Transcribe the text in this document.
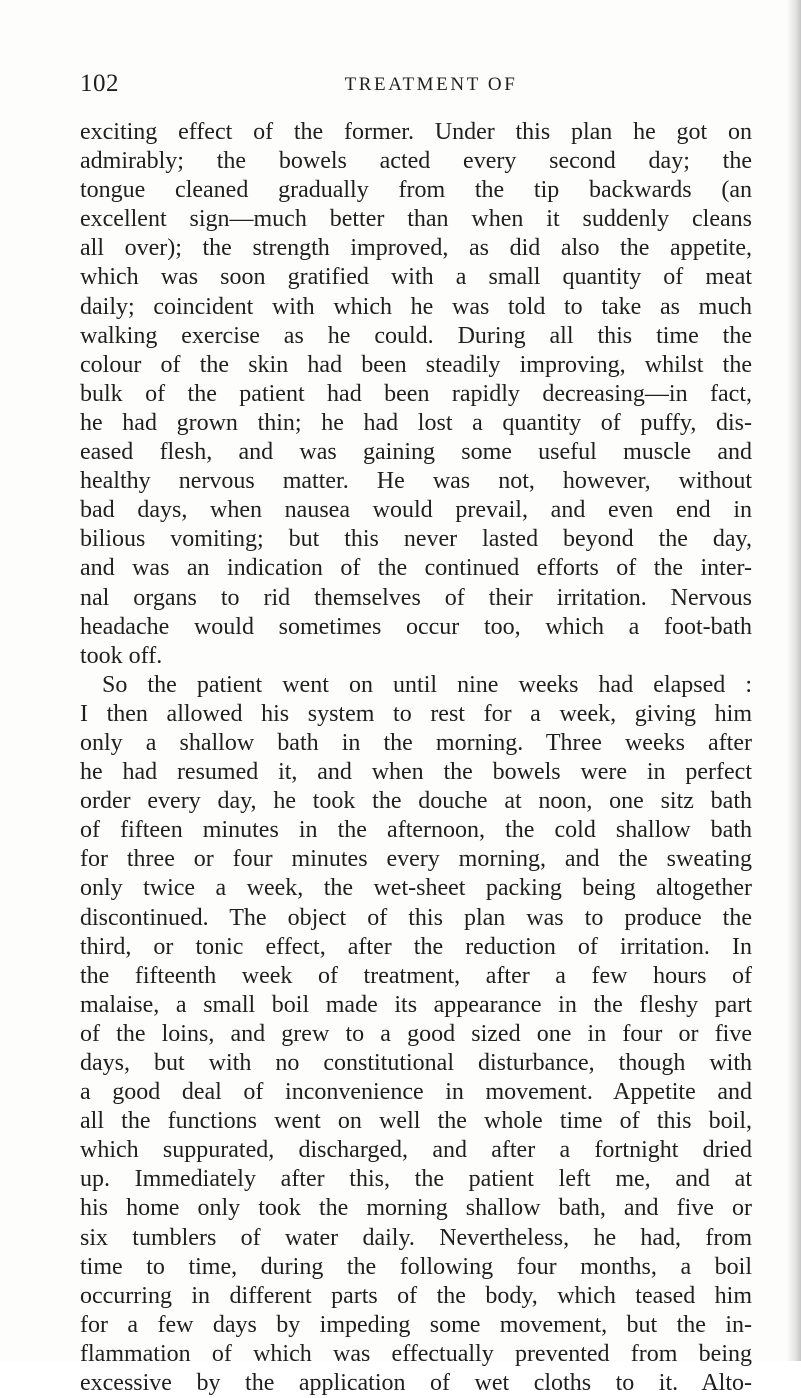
102	TREATMENT OF
exciting effect of the former. Under this plan he got on
admirably; the bowels acted every second day; the
tongue cleaned gradually from the tip backwards (an
excellent sign—much better than when it suddenly cleans
all over); the strength improved, as did also the appetite,
which was soon gratified with a small quantity of meat
daily; coincident with which he was told to take as much
walking exercise as he could. During all this time the
colour of the skin had been steadily improving, whilst the
bulk of the patient had been rapidly decreasing—in fact,
he had grown thin; he had lost a quantity of puffy, dis-
eased flesh, and was gaining some useful muscle and
healthy nervous matter. He was not, however, without
bad days, when nausea would prevail, and even end in
bilious vomiting; but this never lasted beyond the day,
and was an indication of the continued efforts of the inter-
nal organs to rid themselves of their irritation. Nervous
headache would sometimes occur too, which a foot-bath
took off.
So the patient went on until nine weeks had elapsed :
I then allowed his system to rest for a week, giving him
only a shallow bath in the morning. Three weeks after
he had resumed it, and when the bowels were in perfect
order every day, he took the douche at noon, one sitz bath
of fifteen minutes in the afternoon, the cold shallow bath
for three or four minutes every morning, and the sweating
only twice a week, the wet-sheet packing being altogether
discontinued. The object of this plan was to produce the
third, or tonic effect, after the reduction of irritation. In
the fifteenth week of treatment, after a few hours of
malaise, a small boil made its appearance in the fleshy part
of the loins, and grew to a good sized one in four or five
days, but with no constitutional disturbance, though with
a good deal of inconvenience in movement. Appetite and
all the functions went on well the whole time of this boil,
which suppurated, discharged, and after a fortnight dried
up. Immediately after this, the patient left me, and at
his home only took the morning shallow bath, and five or
six tumblers of water daily. Nevertheless, he had, from
time to time, during the following four months, a boil
occurring in different parts of the body, which teased him
for a few days by impeding some movement, but the in-
flammation of which was effectually prevented from being
excessive by the application of wet cloths to it. Alto-
